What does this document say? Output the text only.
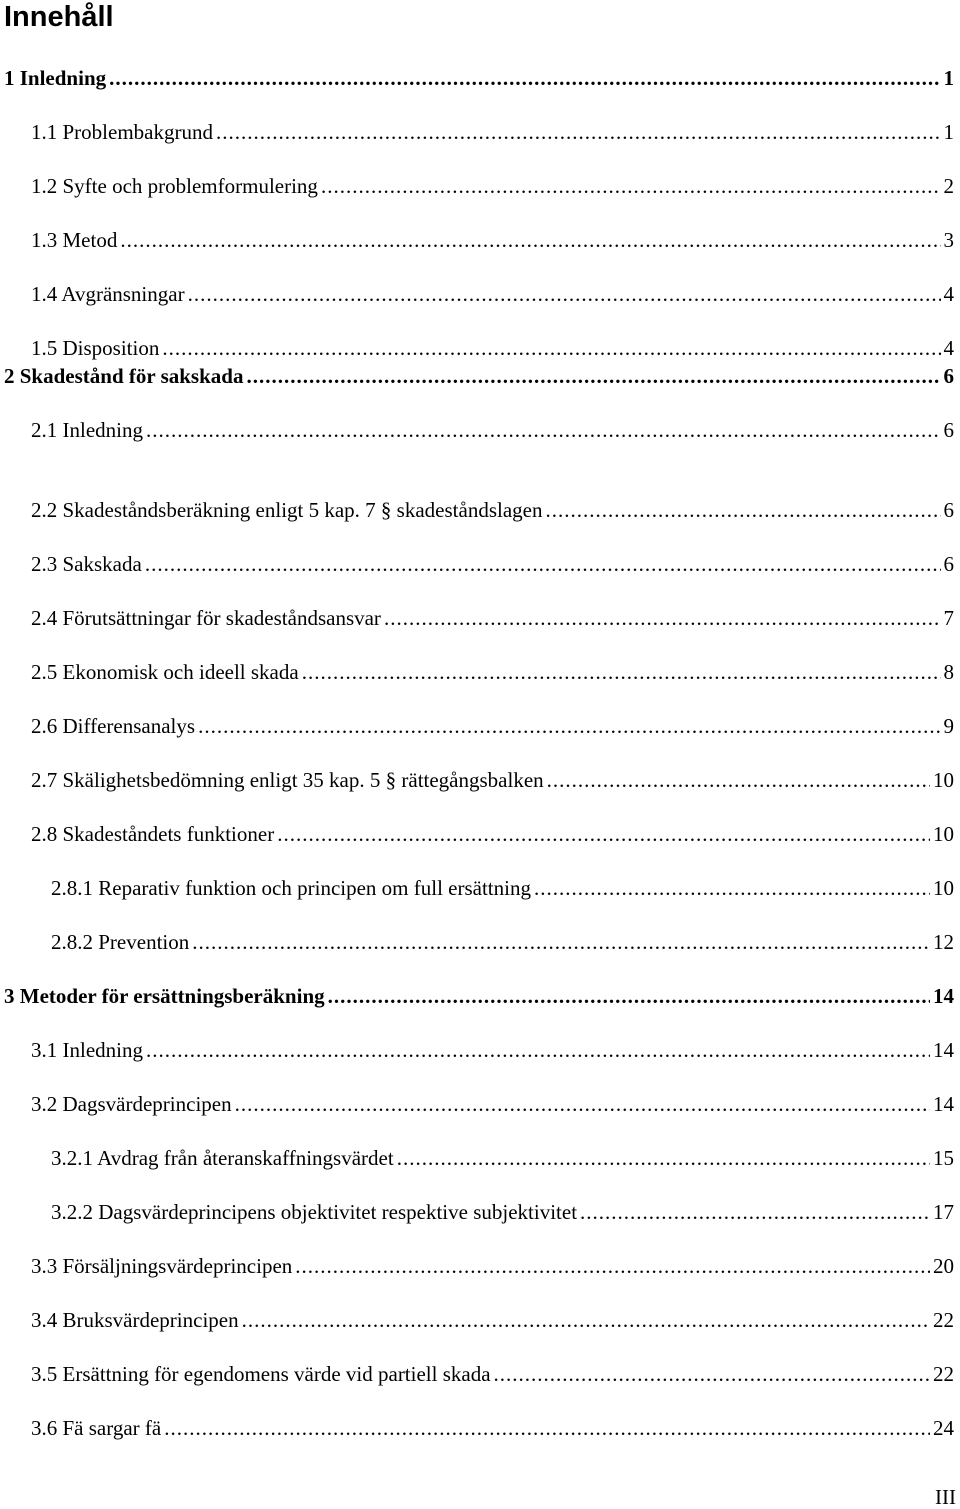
Innehåll
1 Inledning .....	1
1.1 Problembakgrund .....	1
1.2 Syfte och problemformulering .....	2
1.3 Metod .....	3
1.4 Avgränsningar .....	4
1.5 Disposition .....	4
2 Skadestånd för sakskada .....	6
2.1 Inledning .....	6
2.2 Skadeståndsberäkning enligt 5 kap. 7 § skadeståndslagen .....	6
2.3 Sakskada .....	6
2.4 Förutsättningar för skadeståndsansvar .....	7
2.5 Ekonomisk och ideell skada .....	8
2.6 Differensanalys .....	9
2.7 Skälighetsbedömning enligt 35 kap. 5 § rättegångsbalken .....	10
2.8 Skadeståndets funktioner .....	10
2.8.1 Reparativ funktion och principen om full ersättning .....	10
2.8.2 Prevention .....	12
3 Metoder för ersättningsberäkning .....	14
3.1 Inledning .....	14
3.2 Dagsvärdeprincipen .....	14
3.2.1 Avdrag från återanskaffningsvärdet .....	15
3.2.2 Dagsvärdeprincipens objektivitet respektive subjektivitet .....	17
3.3 Försäljningsvärdeprincipen .....	20
3.4 Bruksvärdeprincipen .....	22
3.5 Ersättning för egendomens värde vid partiell skada .....	22
3.6 Fä sargar fä .....	24
III
